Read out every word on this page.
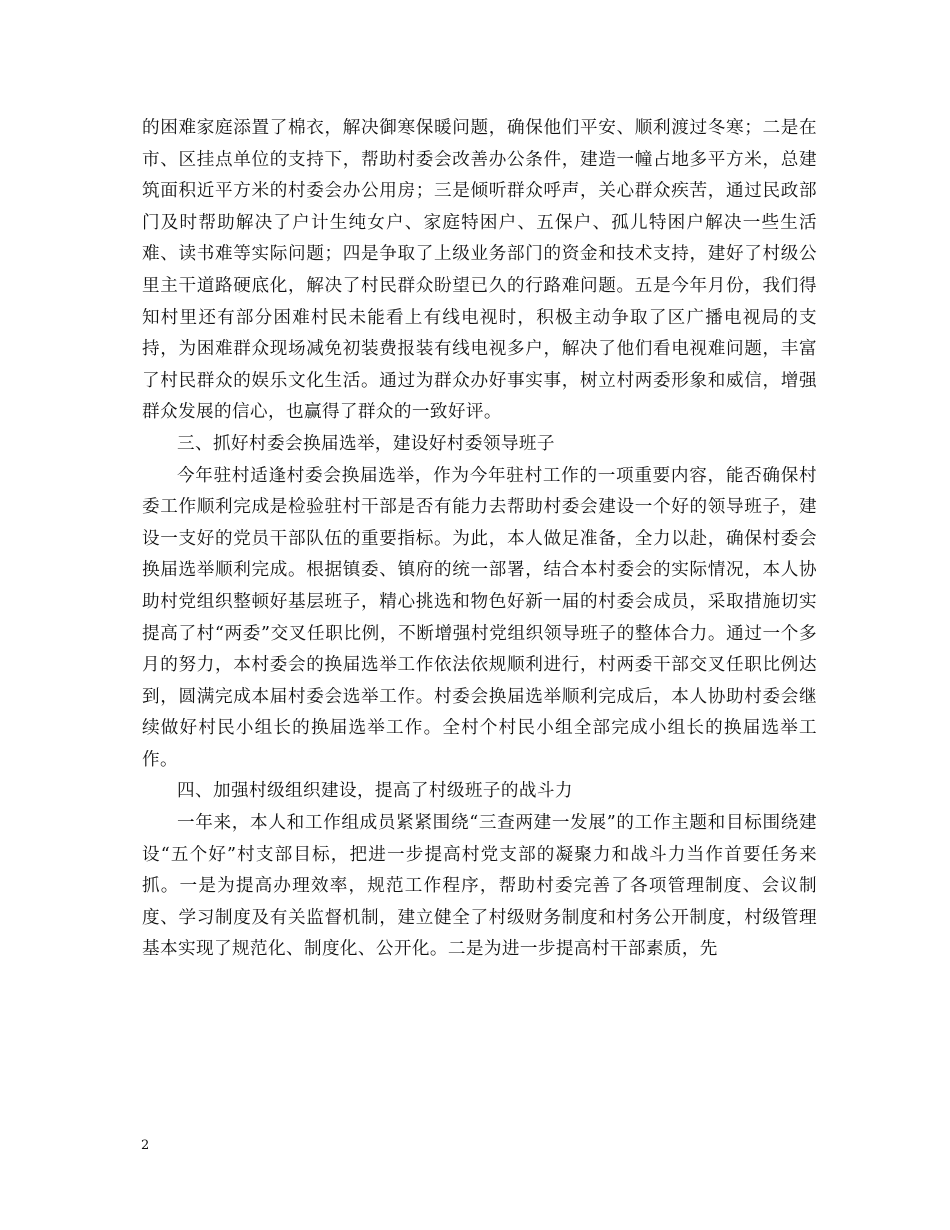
的困难家庭添置了棉衣，解决御寒保暖问题，确保他们平安、顺利渡过冬寒；二是在市、区挂点单位的支持下，帮助村委会改善办公条件，建造一幢占地多平方米，总建筑面积近平方米的村委会办公用房；三是倾听群众呼声，关心群众疾苦，通过民政部门及时帮助解决了户计生纯女户、家庭特困户、五保户、孤儿特困户解决一些生活难、读书难等实际问题；四是争取了上级业务部门的资金和技术支持，建好了村级公里主干道路硬底化，解决了村民群众盼望已久的行路难问题。五是今年月份，我们得知村里还有部分困难村民未能看上有线电视时，积极主动争取了区广播电视局的支持，为困难群众现场减免初装费报装有线电视多户，解决了他们看电视难问题，丰富了村民群众的娱乐文化生活。通过为群众办好事实事，树立村两委形象和威信，增强群众发展的信心，也赢得了群众的一致好评。

三、抓好村委会换届选举，建设好村委领导班子

今年驻村适逢村委会换届选举，作为今年驻村工作的一项重要内容，能否确保村委工作顺利完成是检验驻村干部是否有能力去帮助村委会建设一个好的领导班子，建设一支好的党员干部队伍的重要指标。为此，本人做足准备，全力以赴，确保村委会换届选举顺利完成。根据镇委、镇府的统一部署，结合本村委会的实际情况，本人协助村党组织整顿好基层班子，精心挑选和物色好新一届的村委会成员，采取措施切实提高了村“两委”交叉任职比例，不断增强村党组织领导班子的整体合力。通过一个多月的努力，本村委会的换届选举工作依法依规顺利进行，村两委干部交叉任职比例达到，圆满完成本届村委会选举工作。村委会换届选举顺利完成后，本人协助村委会继续做好村民小组长的换届选举工作。全村个村民小组全部完成小组长的换届选举工作。

四、加强村级组织建设，提高了村级班子的战斗力

一年来，本人和工作组成员紧紧围绕“三查两建一发展”的工作主题和目标围绕建设“五个好”村支部目标，把进一步提高村党支部的凝聚力和战斗力当作首要任务来抓。一是为提高办理效率，规范工作程序，帮助村委完善了各项管理制度、会议制度、学习制度及有关监督机制，建立健全了村级财务制度和村务公开制度，村级管理基本实现了规范化、制度化、公开化。二是为进一步提高村干部素质，先

2
